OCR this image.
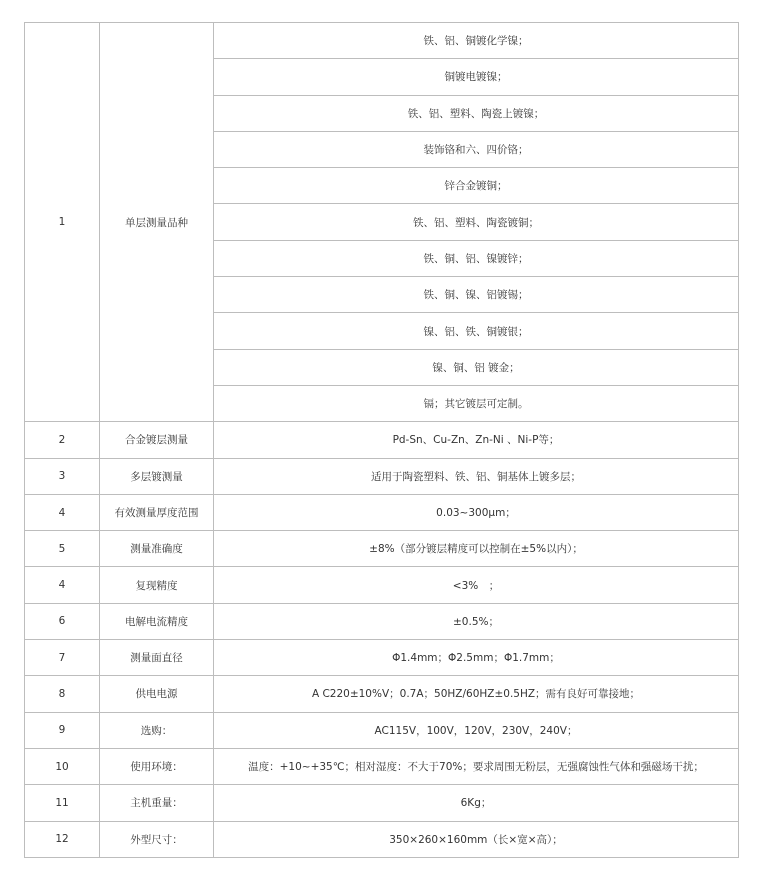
1	单层测量品种	铁、铝、铜镀化学镍；
		铜镀电镀镍；
		铁、铝、塑料、陶瓷上镀镍；
		装饰铬和六、四价铬；
		锌合金镀铜；
		铁、铝、塑料、陶瓷镀铜；
		铁、铜、铝、镍镀锌；
		铁、铜、镍、铝镀锡；
		镍、铝、铁、铜镀银；
		镍、铜、铝 镀金；
		镉；其它镀层可定制。
2	合金镀层测量	Pd-Sn、Cu-Zn、Zn-Ni 、Ni-P等；
3	多层镀测量	适用于陶瓷塑料、铁、铝、铜基体上镀多层；
4	有效测量厚度范围	0.03~300μm；
5	测量准确度	±8%（部分镀层精度可以控制在±5%以内）；
4	复现精度	<3%　；
6	电解电流精度	±0.5%；
7	测量面直径	Φ1.4mm；Φ2.5mm；Φ1.7mm；
8	供电电源	A C220±10%V；0.7A；50HZ/60HZ±0.5HZ；需有良好可靠接地；
9	选购：	AC115V，100V，120V，230V，240V；
10	使用环境：	温度：+10~+35℃；相对湿度：不大于70%；要求周围无粉层，无强腐蚀性气体和强磁场干扰；
11	主机重量：	6Kg；
12	外型尺寸：	350×260×160mm（长×宽×高）；
